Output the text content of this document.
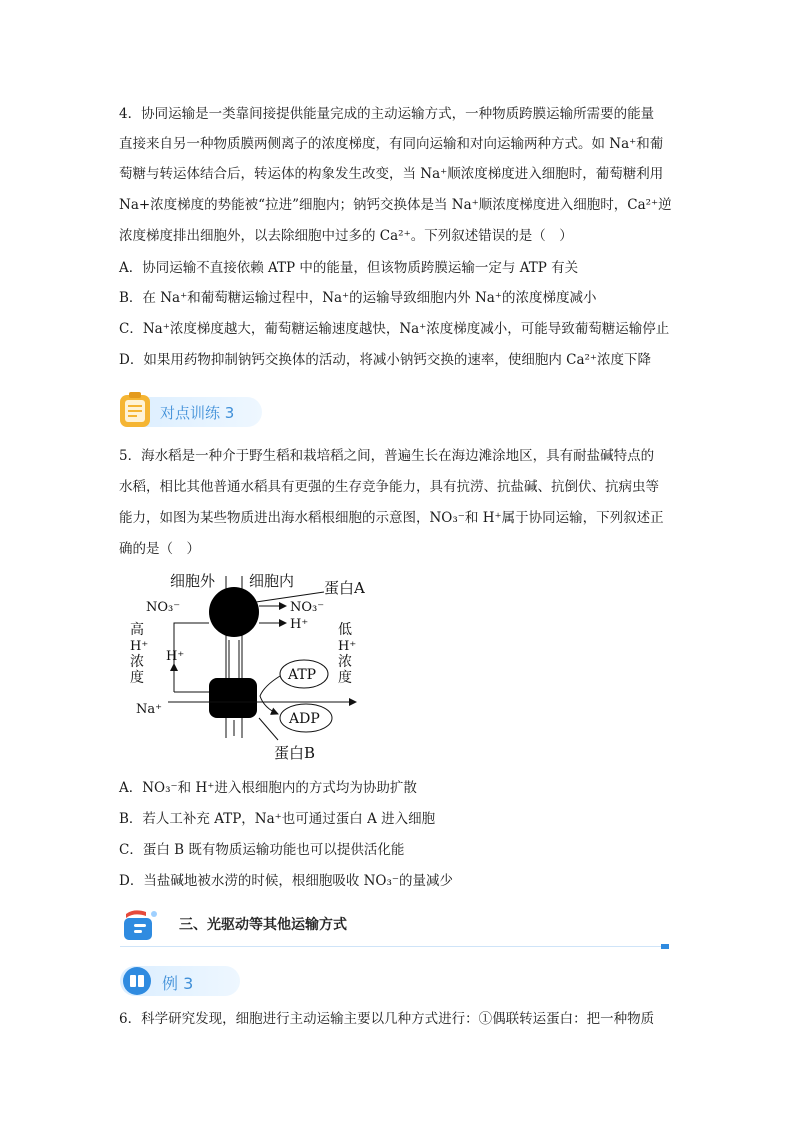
4．协同运输是一类靠间接提供能量完成的主动运输方式，一种物质跨膜运输所需要的能量
直接来自另一种物质膜两侧离子的浓度梯度，有同向运输和对向运输两种方式。如 Na⁺和葡
萄糖与转运体结合后，转运体的构象发生改变，当 Na⁺顺浓度梯度进入细胞时，葡萄糖利用
Na+浓度梯度的势能被“拉进”细胞内；钠钙交换体是当 Na⁺顺浓度梯度进入细胞时，Ca²⁺逆
浓度梯度排出细胞外，以去除细胞中过多的 Ca²⁺。下列叙述错误的是（　）
A．协同运输不直接依赖 ATP 中的能量，但该物质跨膜运输一定与 ATP 有关
B．在 Na⁺和葡萄糖运输过程中，Na⁺的运输导致细胞内外 Na⁺的浓度梯度减小
C．Na⁺浓度梯度越大，葡萄糖运输速度越快，Na⁺浓度梯度减小，可能导致葡萄糖运输停止
D．如果用药物抑制钠钙交换体的活动，将减小钠钙交换的速率，使细胞内 Ca²⁺浓度下降
对点训练 3
5．海水稻是一种介于野生稻和栽培稻之间，普遍生长在海边滩涂地区，具有耐盐碱特点的
水稻，相比其他普通水稻具有更强的生存竞争能力，具有抗涝、抗盐碱、抗倒伏、抗病虫等
能力，如图为某些物质进出海水稻根细胞的示意图，NO₃⁻和 H⁺属于协同运输，下列叙述正
确的是（　）
蛋白A
细胞外 细胞内
NO₃⁻	NO₃⁻
H⁺
H⁺
蛋白B
Na⁺
ATP
ADP
高
H⁺
浓
度
低
H⁺
浓
度
A．NO₃⁻和 H⁺进入根细胞内的方式均为协助扩散
B．若人工补充 ATP，Na⁺也可通过蛋白 A 进入细胞
C．蛋白 B 既有物质运输功能也可以提供活化能
D．当盐碱地被水涝的时候，根细胞吸收 NO₃⁻的量减少
三、光驱动等其他运输方式
例 3
6．科学研究发现，细胞进行主动运输主要以几种方式进行：①偶联转运蛋白：把一种物质
